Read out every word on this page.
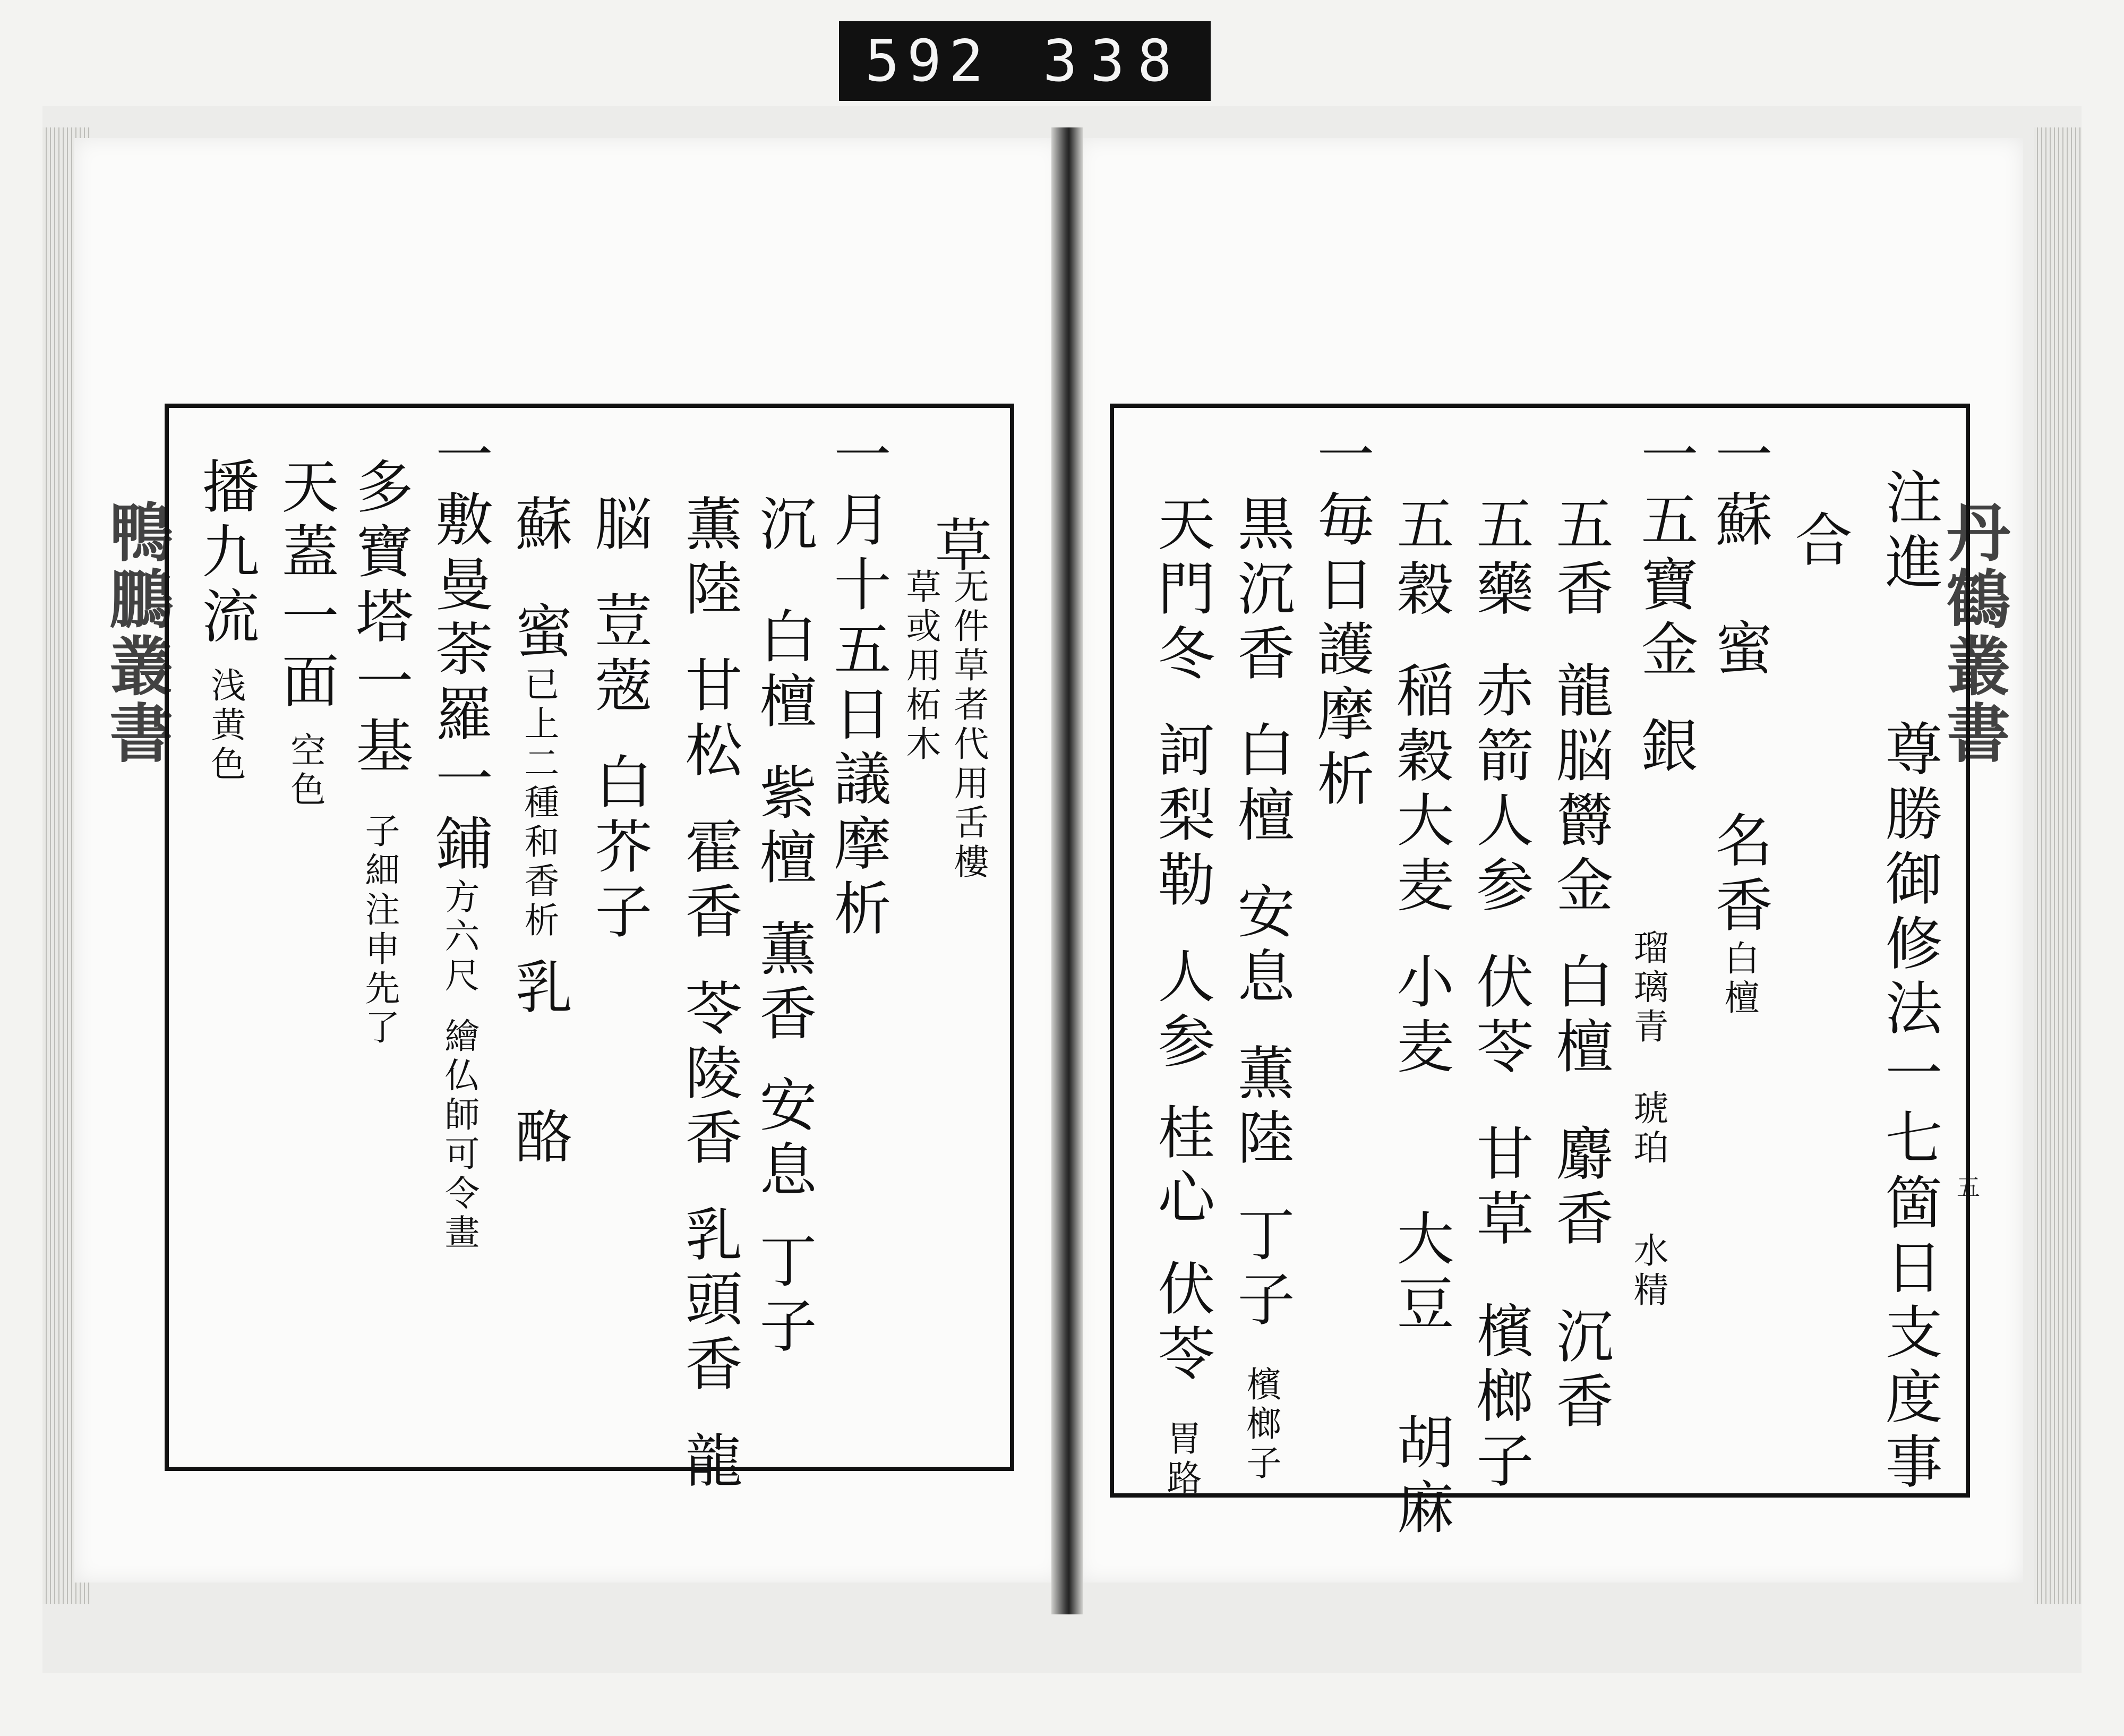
592 338
鴨鵬叢書	丹鶴叢書
五
注進尊勝御修法一七箇日支度事
合
一蘇蜜名香白檀
一五寶金銀
瑠璃青琥珀水精
五香龍脳欝金白檀麝香沉香
五藥赤箭人参伏苓甘草檳榔子
五穀稲穀大麦小麦大豆胡麻
一毎日護摩析
黒沉香白檀安息薫陸丁子檳榔子
天門冬訶梨勒人参桂心伏苓胃路
草
无件草者代用舌樓
草或用柘木
一月十五日議摩析
沉白檀紫檀薫香安息丁子
薫陸甘松霍香苓陵香乳頭香龍
脳荳蔲白芥子
蘇蜜已上二種和香析乳酪
一敷曼荼羅一鋪方六尺繪仏師可令畫
多寶塔一基子細注申先了
天蓋一面空色
播九流浅黄色
